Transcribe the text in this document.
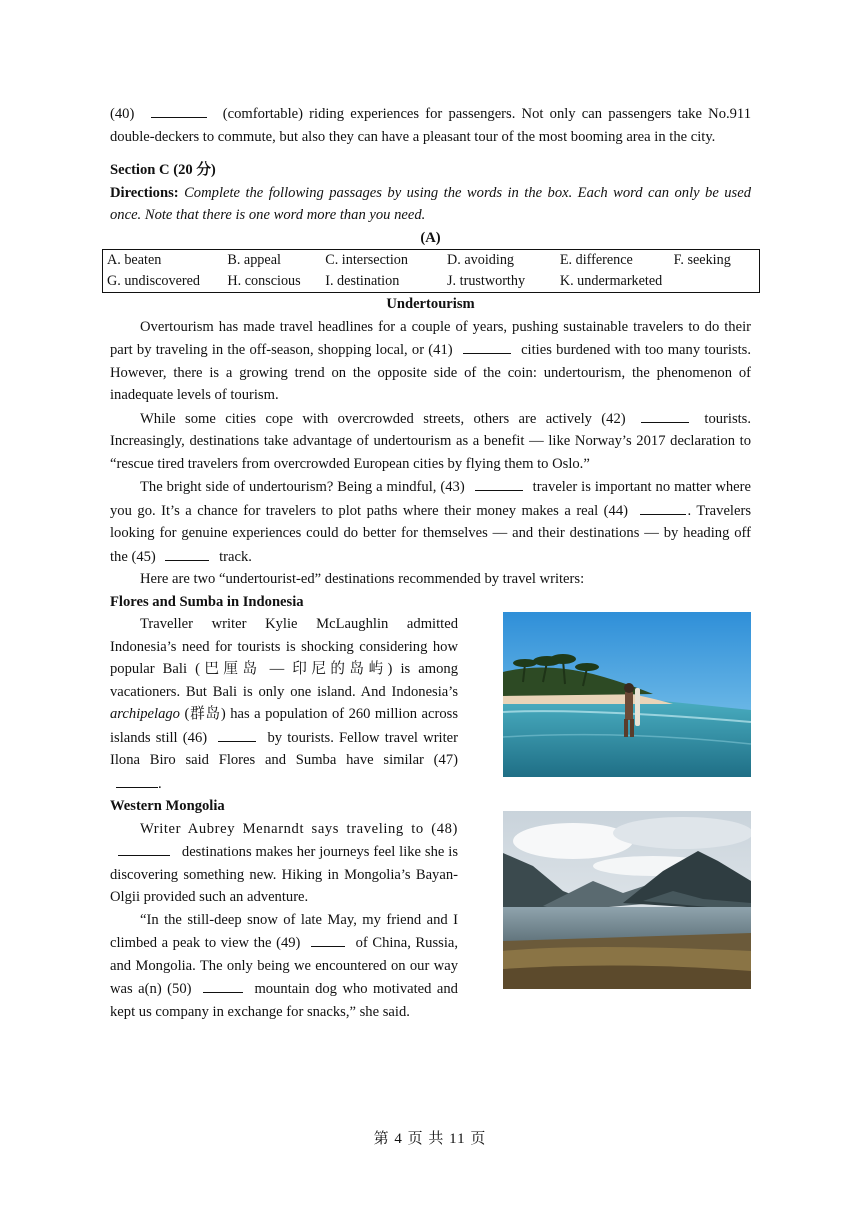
(40)	(comfortable) riding experiences for passengers. Not only can passengers take No.911 double-deckers to commute, but also they can have a pleasant tour of the most booming area in the city.

Section C (20 分)

Directions: Complete the following passages by using the words in the box. Each word can only be used once. Note that there is one word more than you need.

(A)

A. beaten	B. appeal	C. intersection	D. avoiding	E. difference	F. seeking
G. undiscovered	H. conscious	I. destination	J. trustworthy	K. undermarketed	

Undertourism

Overtourism has made travel headlines for a couple of years, pushing sustainable travelers to do their part by traveling in the off-season, shopping local, or (41)	cities burdened with too many tourists. However, there is a growing trend on the opposite side of the coin: undertourism, the phenomenon of inadequate levels of tourism.

While some cities cope with overcrowded streets, others are actively (42)	tourists. Increasingly, destinations take advantage of undertourism as a benefit — like Norway’s 2017 declaration to “rescue tired travelers from overcrowded European cities by flying them to Oslo.”

The bright side of undertourism? Being a mindful, (43)	traveler is important no matter where you go. It’s a chance for travelers to plot paths where their money makes a real (44)	. Travelers looking for genuine experiences could do better for themselves — and their destinations — by heading off the (45)	track.

Here are two “undertourist-ed” destinations recommended by travel writers:

Flores and Sumba in Indonesia

Traveller writer Kylie McLaughlin admitted Indonesia’s need for tourists is shocking considering how popular Bali (巴厘岛 — 印尼的岛屿) is among vacationers. But Bali is only one island. And Indonesia’s archipelago (群岛) has a population of 260 million across islands still (46)	by tourists. Fellow travel writer Ilona Biro said Flores and Sumba have similar (47) .

Western Mongolia

Writer Aubrey Menarndt says traveling to (48)  destinations makes her journeys feel like she is discovering something new. Hiking in Mongolia’s Bayan-Olgii provided such an adventure.

“In the still-deep snow of late May, my friend and I climbed a peak to view the (49)	of China, Russia, and Mongolia. The only being we encountered on our way was a(n) (50)	mountain dog who motivated and kept us company in exchange for snacks,” she said.

第 4 页 共 11 页
